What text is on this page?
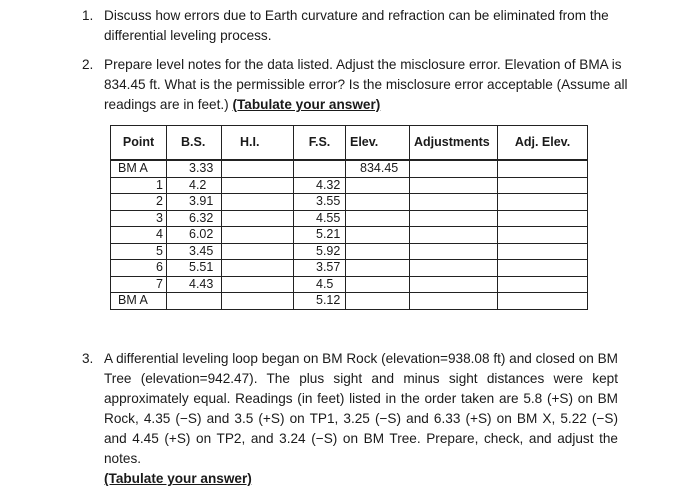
1. Discuss how errors due to Earth curvature and refraction can be eliminated from the differential leveling process.
2. Prepare level notes for the data listed. Adjust the misclosure error. Elevation of BMA is 834.45 ft. What is the permissible error? Is the misclosure error acceptable (Assume all readings are in feet.) (Tabulate your answer)
Point	B.S.	H.I.	F.S.	Elev.	Adjustments	Adj. Elev.
BM A	3.33			834.45		
1	4.2		4.32			
2	3.91		3.55			
3	6.32		4.55			
4	6.02		5.21			
5	3.45		5.92			
6	5.51		3.57			
7	4.43		4.5			
BM A			5.12			
3. A differential leveling loop began on BM Rock (elevation=938.08 ft) and closed on BM Tree (elevation=942.47). The plus sight and minus sight distances were kept approximately equal. Readings (in feet) listed in the order taken are 5.8 (+S) on BM Rock, 4.35 (−S) and 3.5 (+S) on TP1, 3.25 (−S) and 6.33 (+S) on BM X, 5.22 (−S) and 4.45 (+S) on TP2, and 3.24 (−S) on BM Tree. Prepare, check, and adjust the notes.
(Tabulate your answer)
